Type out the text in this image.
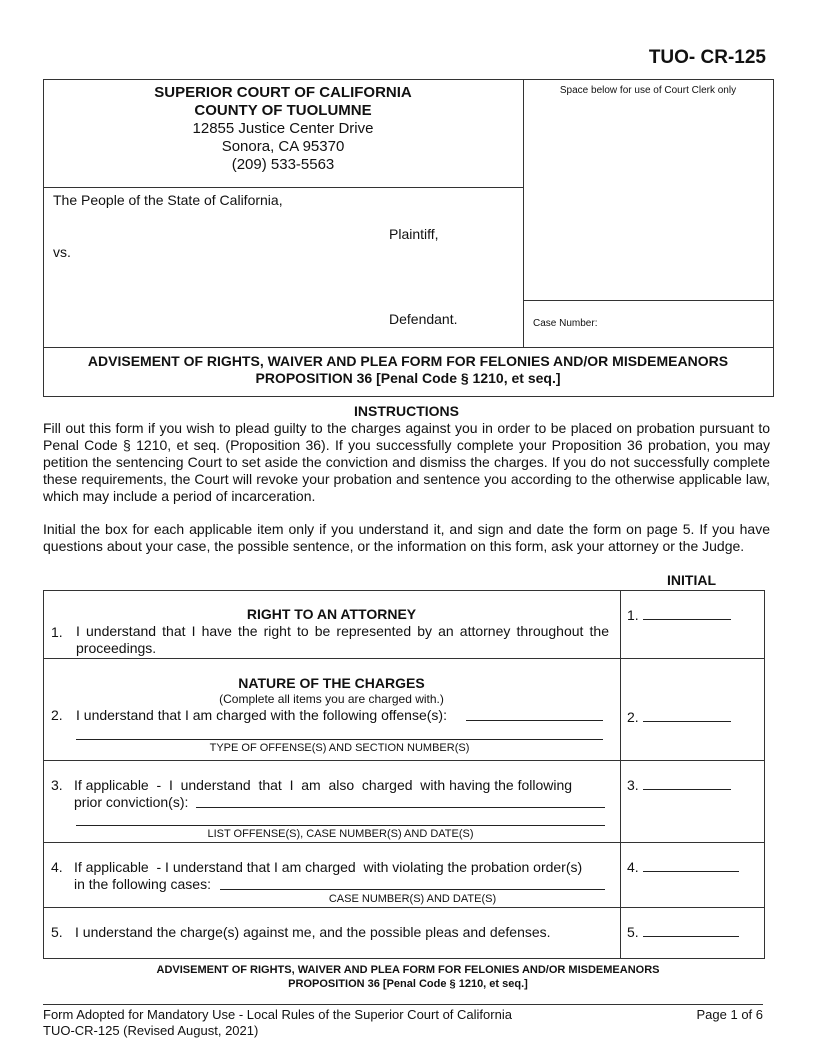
TUO- CR-125
SUPERIOR COURT OF CALIFORNIA
COUNTY OF TUOLUMNE
12855 Justice Center Drive
Sonora, CA 95370
(209) 533-5563
Space below for use of Court Clerk only
The People of the State of California,
Plaintiff,
vs.
Defendant.	Case Number:
ADVISEMENT OF RIGHTS, WAIVER AND PLEA FORM FOR FELONIES AND/OR MISDEMEANORS
PROPOSITION 36 [Penal Code § 1210, et seq.]
INSTRUCTIONS
Fill out this form if you wish to plead guilty to the charges against you in order to be placed on probation pursuant to Penal Code § 1210, et seq. (Proposition 36). If you successfully complete your Proposition 36 probation, you may petition the sentencing Court to set aside the conviction and dismiss the charges. If you do not successfully complete these requirements, the Court will revoke your probation and sentence you according to the otherwise applicable law, which may include a period of incarceration.
Initial the box for each applicable item only if you understand it, and sign and date the form on page 5. If you have questions about your case, the possible sentence, or the information on this form, ask your attorney or the Judge.
INITIAL
RIGHT TO AN ATTORNEY
1. I understand that I have the right to be represented by an attorney throughout the proceedings.
1.
NATURE OF THE CHARGES
(Complete all items you are charged with.)
2. I understand that I am charged with the following offense(s):
TYPE OF OFFENSE(S) AND SECTION NUMBER(S)
2.
3. If applicable  -  I  understand  that  I  am  also  charged  with having the following
prior conviction(s):
LIST OFFENSE(S), CASE NUMBER(S) AND DATE(S)
3.
4. If applicable  - I understand that I am charged  with violating the probation order(s)
in the following cases:
CASE NUMBER(S) AND DATE(S)
4.
5. I understand the charge(s) against me, and the possible pleas and defenses.	5.
ADVISEMENT OF RIGHTS, WAIVER AND PLEA FORM FOR FELONIES AND/OR MISDEMEANORS
PROPOSITION 36 [Penal Code § 1210, et seq.]
Form Adopted for Mandatory Use - Local Rules of the Superior Court of California
TUO-CR-125 (Revised August, 2021)
Page 1 of 6
